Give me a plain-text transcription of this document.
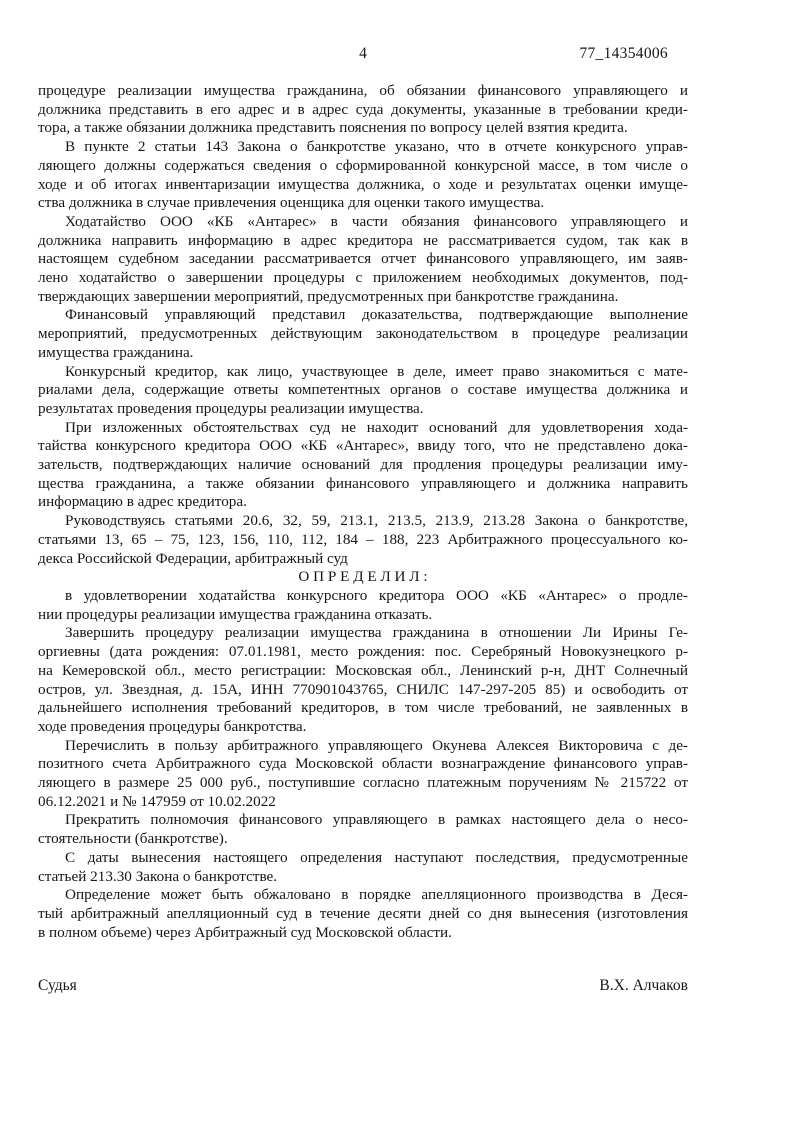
4	77_14354006
процедуре реализации имущества гражданина, об обязании финансового управляющего и
должника представить в его адрес и в адрес суда документы, указанные в требовании креди-
тора, а также обязании должника представить пояснения по вопросу целей взятия кредита.
В пункте 2 статьи 143 Закона о банкротстве указано, что в отчете конкурсного управ-
ляющего должны содержаться сведения о сформированной конкурсной массе, в том числе о
ходе и об итогах инвентаризации имущества должника, о ходе и результатах оценки имуще-
ства должника в случае привлечения оценщика для оценки такого имущества.
Ходатайство ООО «КБ «Антарес» в части обязания финансового управляющего и
должника направить информацию в адрес кредитора не рассматривается судом, так как в
настоящем судебном заседании рассматривается отчет финансового управляющего, им заяв-
лено ходатайство о завершении процедуры с приложением необходимых документов, под-
тверждающих завершении мероприятий, предусмотренных при банкротстве гражданина.
Финансовый управляющий представил доказательства, подтверждающие выполнение
мероприятий, предусмотренных действующим законодательством в процедуре реализации
имущества гражданина.
Конкурсный кредитор, как лицо, участвующее в деле, имеет право знакомиться с мате-
риалами дела, содержащие ответы компетентных органов о составе имущества должника и
результатах проведения процедуры реализации имущества.
При изложенных обстоятельствах суд не находит оснований для удовлетворения хода-
тайства конкурсного кредитора ООО «КБ «Антарес», ввиду того, что не представлено дока-
зательств, подтверждающих наличие оснований для продления процедуры реализации иму-
щества гражданина, а также обязании финансового управляющего и должника направить
информацию в адрес кредитора.
Руководствуясь статьями 20.6, 32, 59, 213.1, 213.5, 213.9, 213.28 Закона о банкротстве,
статьями 13, 65 – 75, 123, 156, 110, 112, 184 – 188, 223 Арбитражного процессуального ко-
декса Российской Федерации, арбитражный суд
О П Р Е Д Е Л И Л :
в удовлетворении ходатайства конкурсного кредитора ООО «КБ «Антарес» о продле-
нии процедуры реализации имущества гражданина отказать.
Завершить процедуру реализации имущества гражданина в отношении Ли Ирины Ге-
оргиевны (дата рождения: 07.01.1981, место рождения: пос. Серебряный Новокузнецкого р-
на Кемеровской обл., место регистрации: Московская обл., Ленинский р-н, ДНТ Солнечный
остров, ул. Звездная, д. 15А, ИНН 770901043765, СНИЛС 147-297-205 85) и освободить от
дальнейшего исполнения требований кредиторов, в том числе требований, не заявленных в
ходе проведения процедуры банкротства.
Перечислить в пользу арбитражного управляющего Окунева Алексея Викторовича с де-
позитного счета Арбитражного суда Московской области вознаграждение финансового управ-
ляющего в размере 25 000 руб., поступившие согласно платежным поручениям № 215722 от
06.12.2021 и № 147959 от 10.02.2022
Прекратить полномочия финансового управляющего в рамках настоящего дела о несо-
стоятельности (банкротстве).
С даты вынесения настоящего определения наступают последствия, предусмотренные
статьей 213.30 Закона о банкротстве.
Определение может быть обжаловано в порядке апелляционного производства в Деся-
тый арбитражный апелляционный суд в течение десяти дней со дня вынесения (изготовления
в полном объеме) через Арбитражный суд Московской области.
Судья	В.Х. Алчаков
